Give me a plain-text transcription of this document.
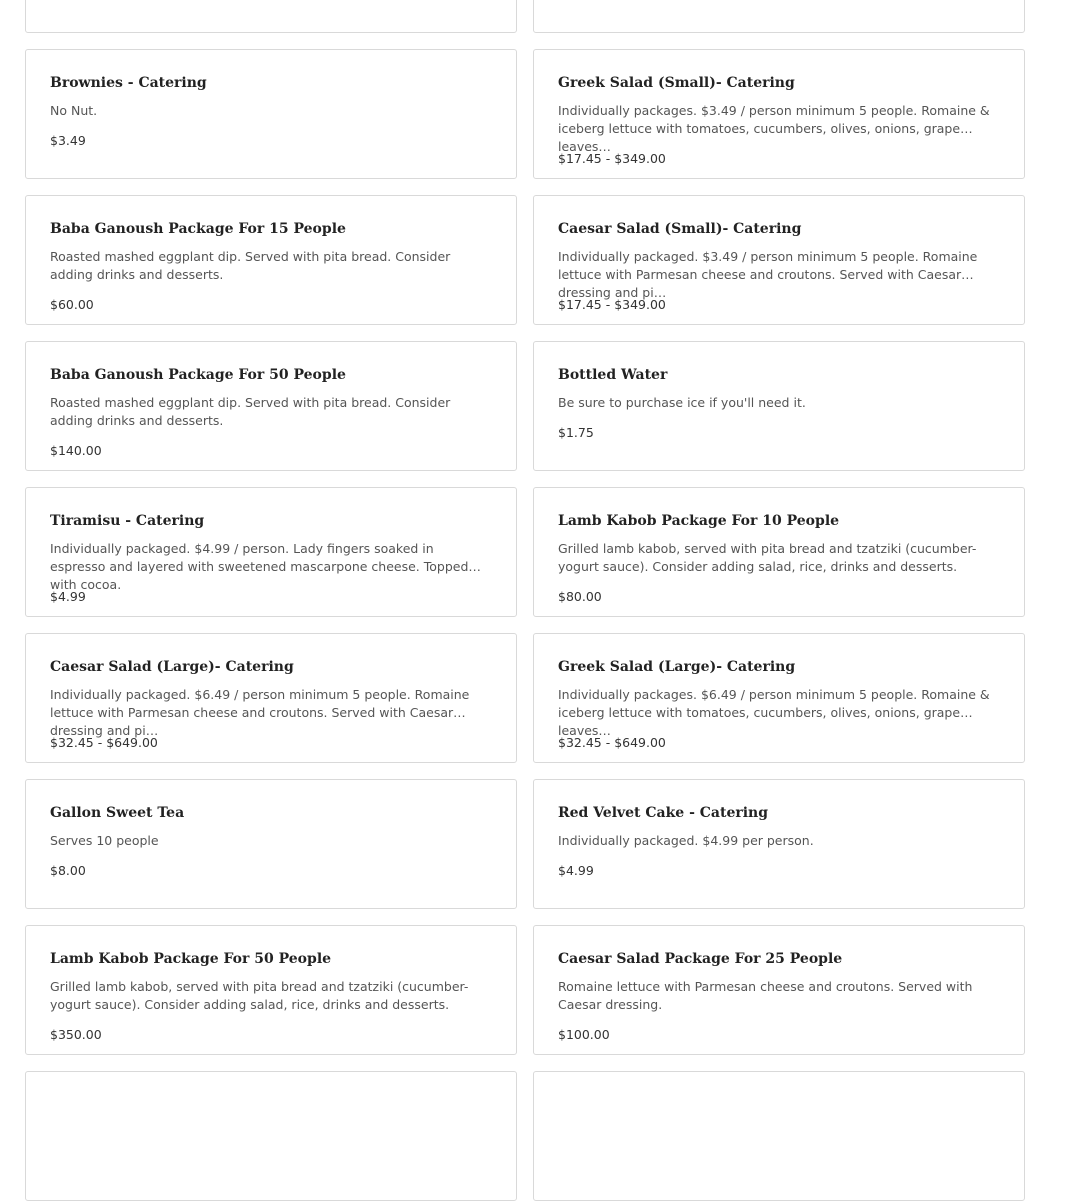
Brownies - Catering
No Nut.
$3.49
Greek Salad (Small)- Catering
Individually packages. $3.49 / person minimum 5 people. Romaine & iceberg lettuce with tomatoes, cucumbers, olives, onions, grape leaves…
$17.45 - $349.00
Baba Ganoush Package For 15 People
Roasted mashed eggplant dip. Served with pita bread. Consider adding drinks and desserts.
$60.00
Caesar Salad (Small)- Catering
Individually packaged. $3.49 / person minimum 5 people. Romaine lettuce with Parmesan cheese and croutons. Served with Caesar dressing and pi…
$17.45 - $349.00
Baba Ganoush Package For 50 People
Roasted mashed eggplant dip. Served with pita bread. Consider adding drinks and desserts.
$140.00
Bottled Water
Be sure to purchase ice if you'll need it.
$1.75
Tiramisu - Catering
Individually packaged. $4.99 / person. Lady fingers soaked in espresso and layered with sweetened mascarpone cheese. Topped with cocoa.
$4.99
Lamb Kabob Package For 10 People
Grilled lamb kabob, served with pita bread and tzatziki (cucumber-yogurt sauce). Consider adding salad, rice, drinks and desserts.
$80.00
Caesar Salad (Large)- Catering
Individually packaged. $6.49 / person minimum 5 people. Romaine lettuce with Parmesan cheese and croutons. Served with Caesar dressing and pi…
$32.45 - $649.00
Greek Salad (Large)- Catering
Individually packages. $6.49 / person minimum 5 people. Romaine & iceberg lettuce with tomatoes, cucumbers, olives, onions, grape leaves…
$32.45 - $649.00
Gallon Sweet Tea
Serves 10 people
$8.00
Red Velvet Cake - Catering
Individually packaged. $4.99 per person.
$4.99
Lamb Kabob Package For 50 People
Grilled lamb kabob, served with pita bread and tzatziki (cucumber-yogurt sauce). Consider adding salad, rice, drinks and desserts.
$350.00
Caesar Salad Package For 25 People
Romaine lettuce with Parmesan cheese and croutons. Served with Caesar dressing.
$100.00
